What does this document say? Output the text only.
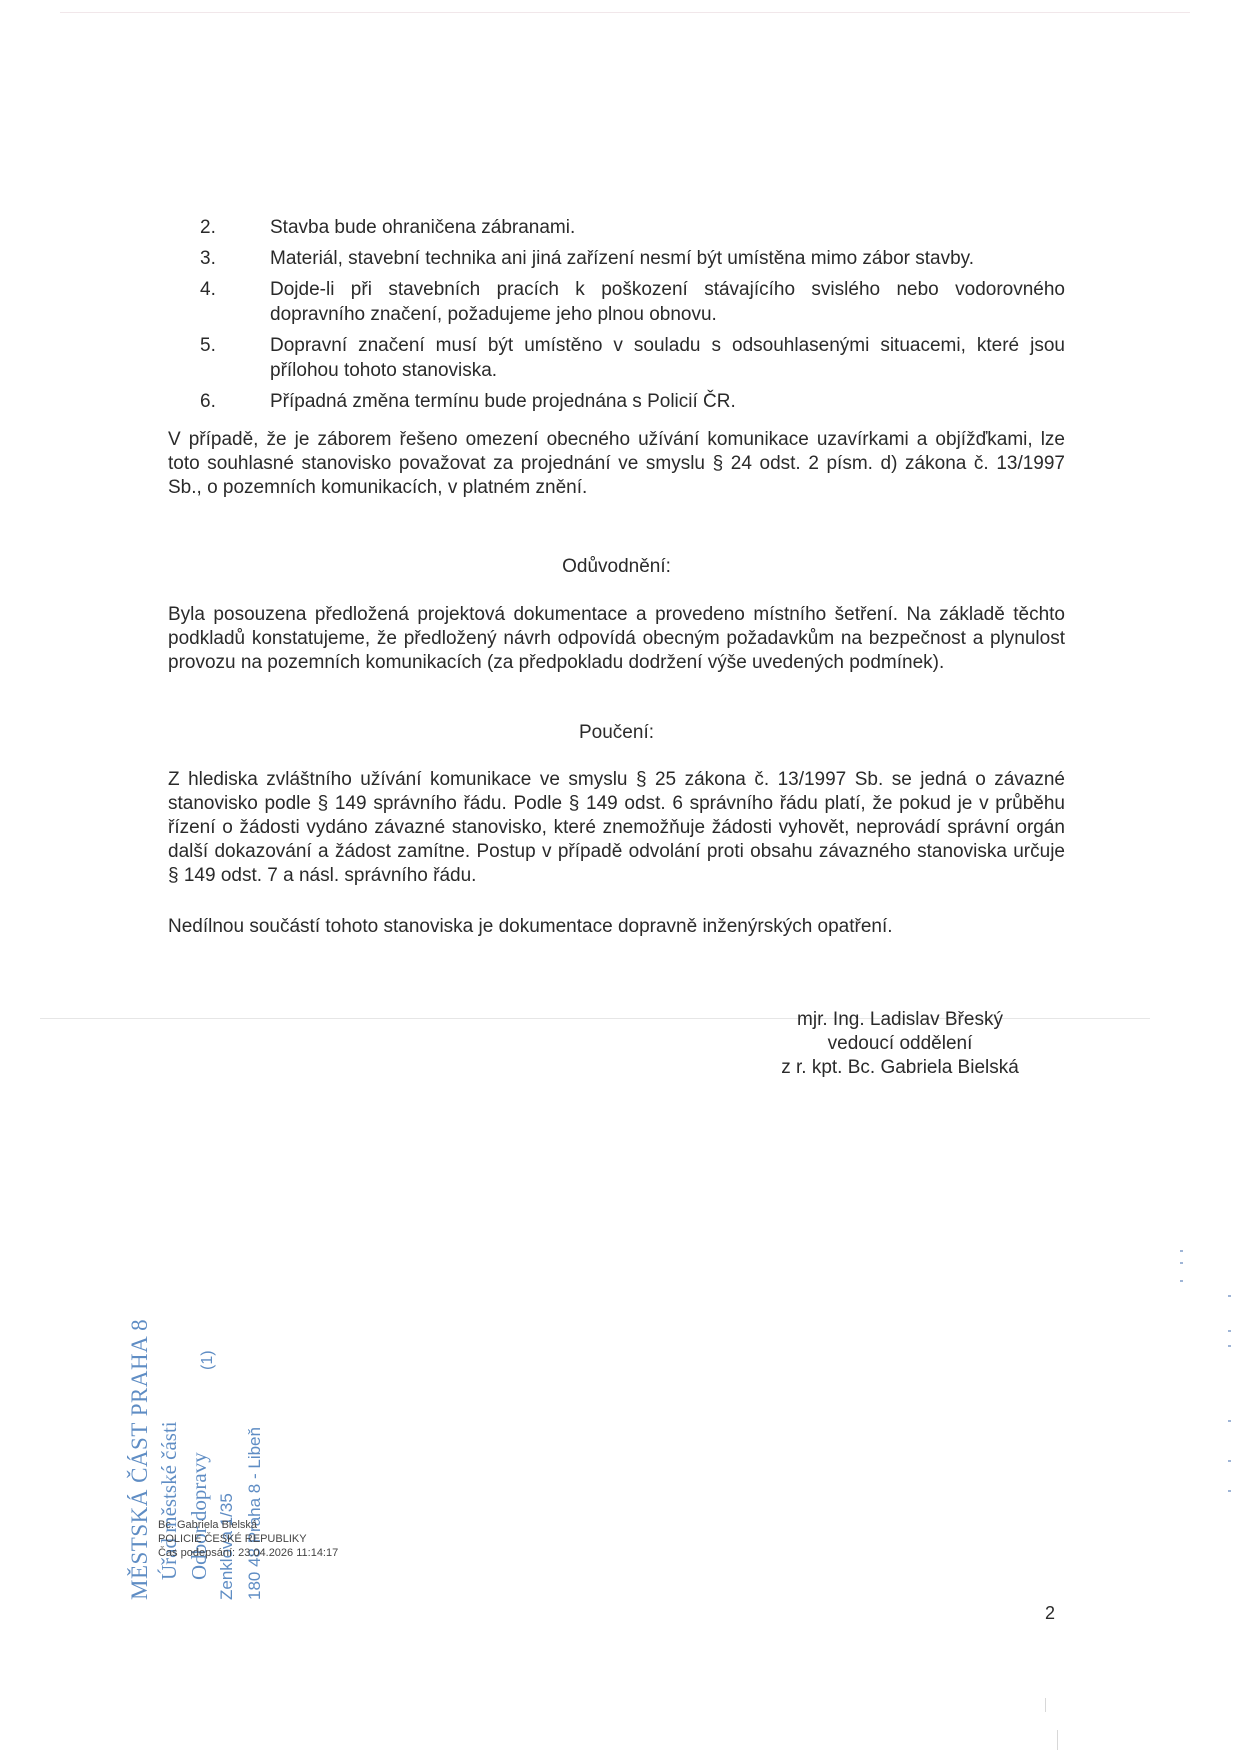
2.	Stavba bude ohraničena zábranami.
3.	Materiál, stavební technika ani jiná zařízení nesmí být umístěna mimo zábor stavby.
4.	Dojde-li při stavebních pracích k poškození stávajícího svislého nebo vodorovného dopravního značení, požadujeme jeho plnou obnovu.
5.	Dopravní značení musí být umístěno v souladu s odsouhlasenými situacemi, které jsou přílohou tohoto stanoviska.
6.	Případná změna termínu bude projednána s Policií ČR.

V případě, že je záborem řešeno omezení obecného užívání komunikace uzavírkami a objížďkami, lze toto souhlasné stanovisko považovat za projednání ve smyslu § 24 odst. 2 písm. d) zákona č. 13/1997 Sb., o pozemních komunikacích, v platném znění.

Odůvodnění:

Byla posouzena předložená projektová dokumentace a provedeno místního šetření. Na základě těchto podkladů konstatujeme, že předložený návrh odpovídá obecným požadavkům na bezpečnost a plynulost provozu na pozemních komunikacích (za předpokladu dodržení výše uvedených podmínek).

Poučení:

Z hlediska zvláštního užívání komunikace ve smyslu § 25 zákona č. 13/1997 Sb. se jedná o závazné stanovisko podle § 149 správního řádu. Podle § 149 odst. 6 správního řádu platí, že pokud je v průběhu řízení o žádosti vydáno závazné stanovisko, které znemožňuje žádosti vyhovět, neprovádí správní orgán další dokazování a žádost zamítne. Postup v případě odvolání proti obsahu závazného stanoviska určuje § 149 odst. 7 a násl. správního řádu.

Nedílnou součástí tohoto stanoviska je dokumentace dopravně inženýrských opatření.

mjr. Ing. Ladislav Břeský
vedoucí oddělení
z r. kpt. Bc. Gabriela Bielská
MĚSTSKÁ ČÁST PRAHA 8 Úřad městské části Odbor dopravy Zenklova 1/35 180 48 Praha 8 - Libeň
(1)
Bc. Gabriela Bielská
POLICIE ČESKÉ REPUBLIKY
Čas podepsání: 23.04.2026 11:14:17
2
